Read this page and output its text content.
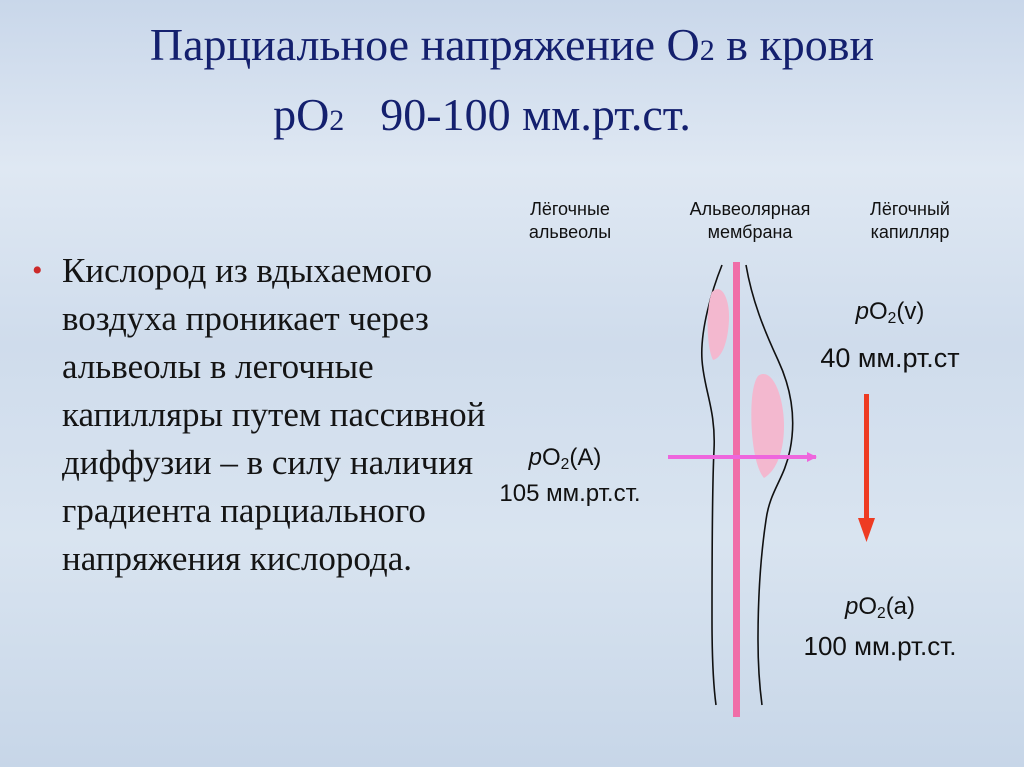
Парциальное напряжение О2 в крови
рО2 90-100 мм.рт.ст.
• Кислород из вдыхаемого воздуха проникает через альвеолы в легочные капилляры путем пассивной диффузии – в силу наличия градиента парциального напряжения кислорода.
Лёгочные альвеолы
Альвеолярная мембрана
Лёгочный капилляр
$pO_2(v)$
40 мм.рт.ст
$pO_2(A)$
105 мм.рт.ст.
$pO_2(a)$
100 мм.рт.ст.
